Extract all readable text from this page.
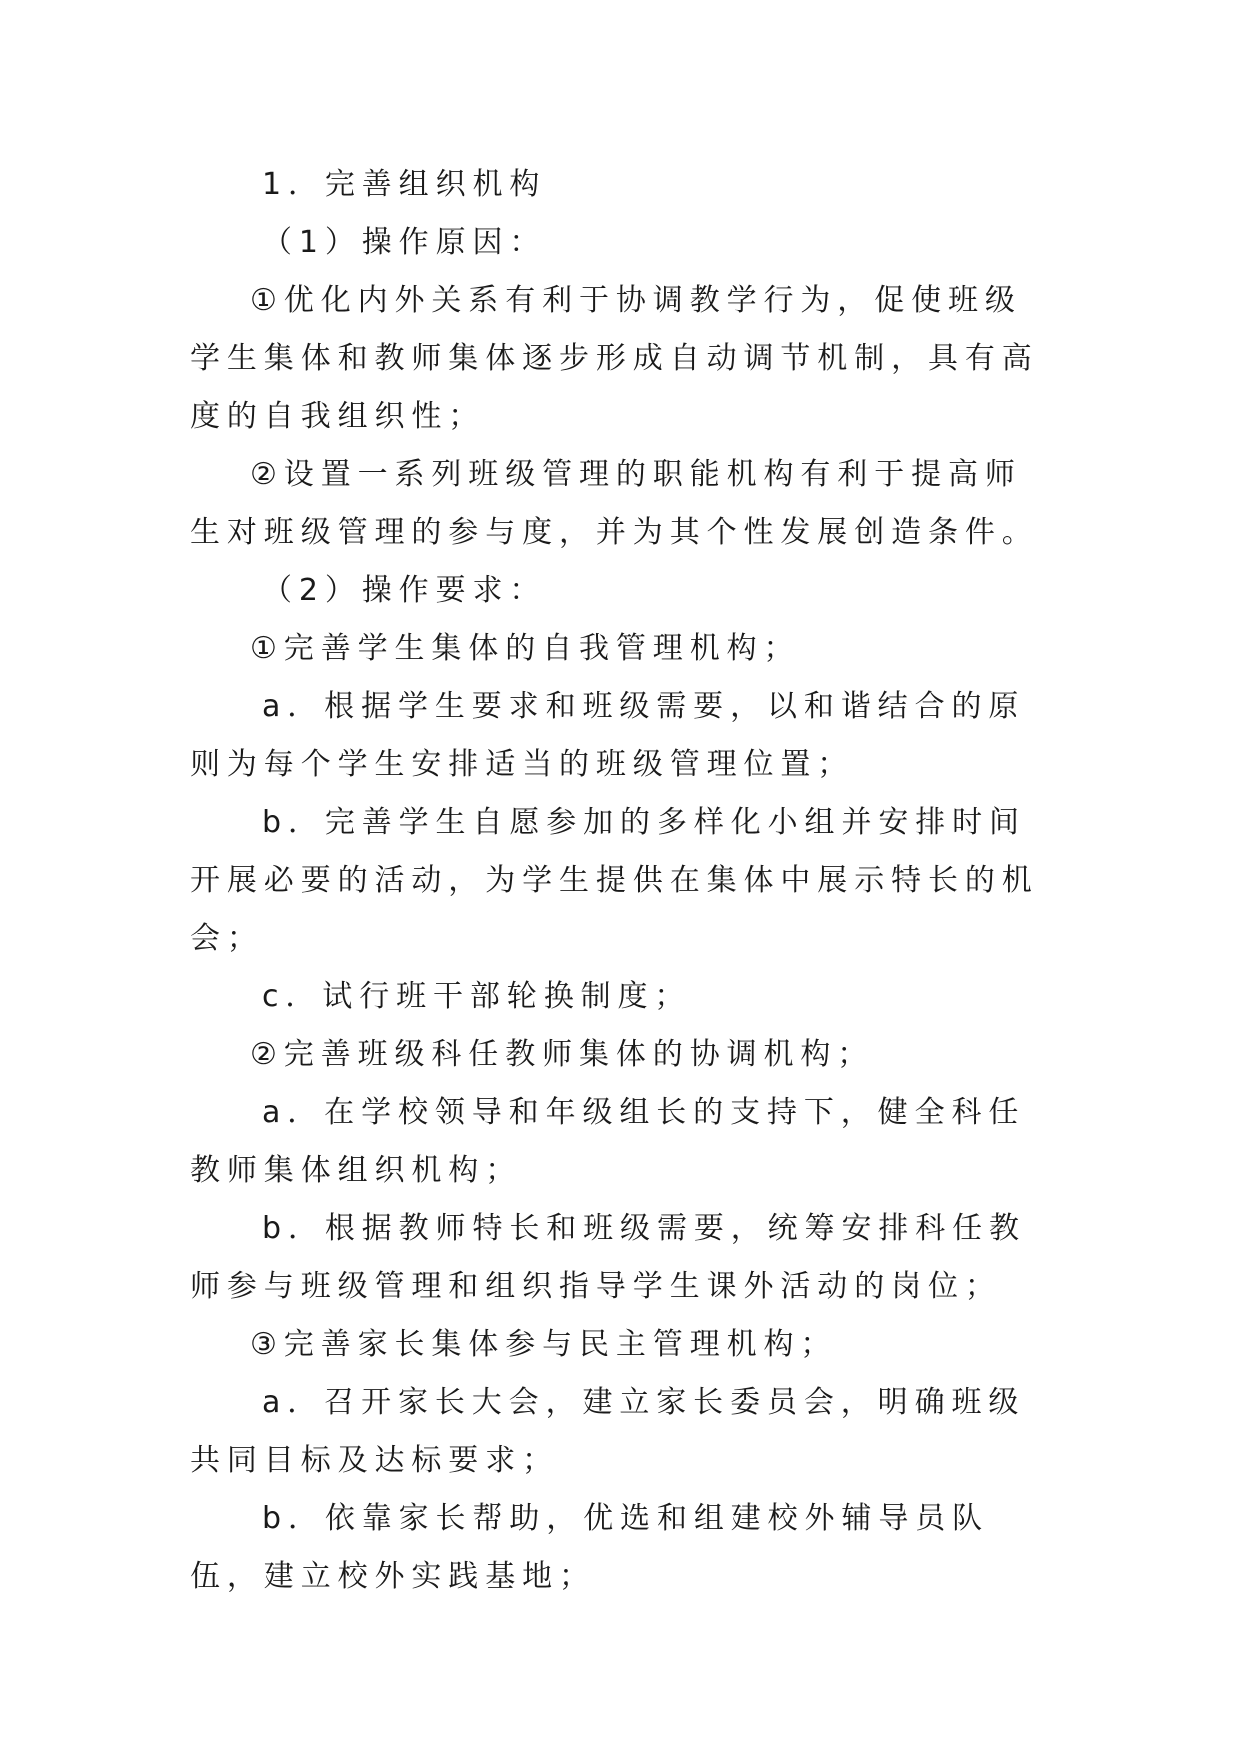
1．完善组织机构

（1）操作原因：

①优化内外关系有利于协调教学行为，促使班级学生集体和教师集体逐步形成自动调节机制，具有高度的自我组织性；

②设置一系列班级管理的职能机构有利于提高师生对班级管理的参与度，并为其个性发展创造条件。

（2）操作要求：

①完善学生集体的自我管理机构；

a．根据学生要求和班级需要，以和谐结合的原则为每个学生安排适当的班级管理位置；

b．完善学生自愿参加的多样化小组并安排时间开展必要的活动，为学生提供在集体中展示特长的机会；

c．试行班干部轮换制度；

②完善班级科任教师集体的协调机构；

a．在学校领导和年级组长的支持下，健全科任教师集体组织机构；

b．根据教师特长和班级需要，统筹安排科任教师参与班级管理和组织指导学生课外活动的岗位；

③完善家长集体参与民主管理机构；

a．召开家长大会，建立家长委员会，明确班级共同目标及达标要求；

b．依靠家长帮助，优选和组建校外辅导员队伍，建立校外实践基地；
